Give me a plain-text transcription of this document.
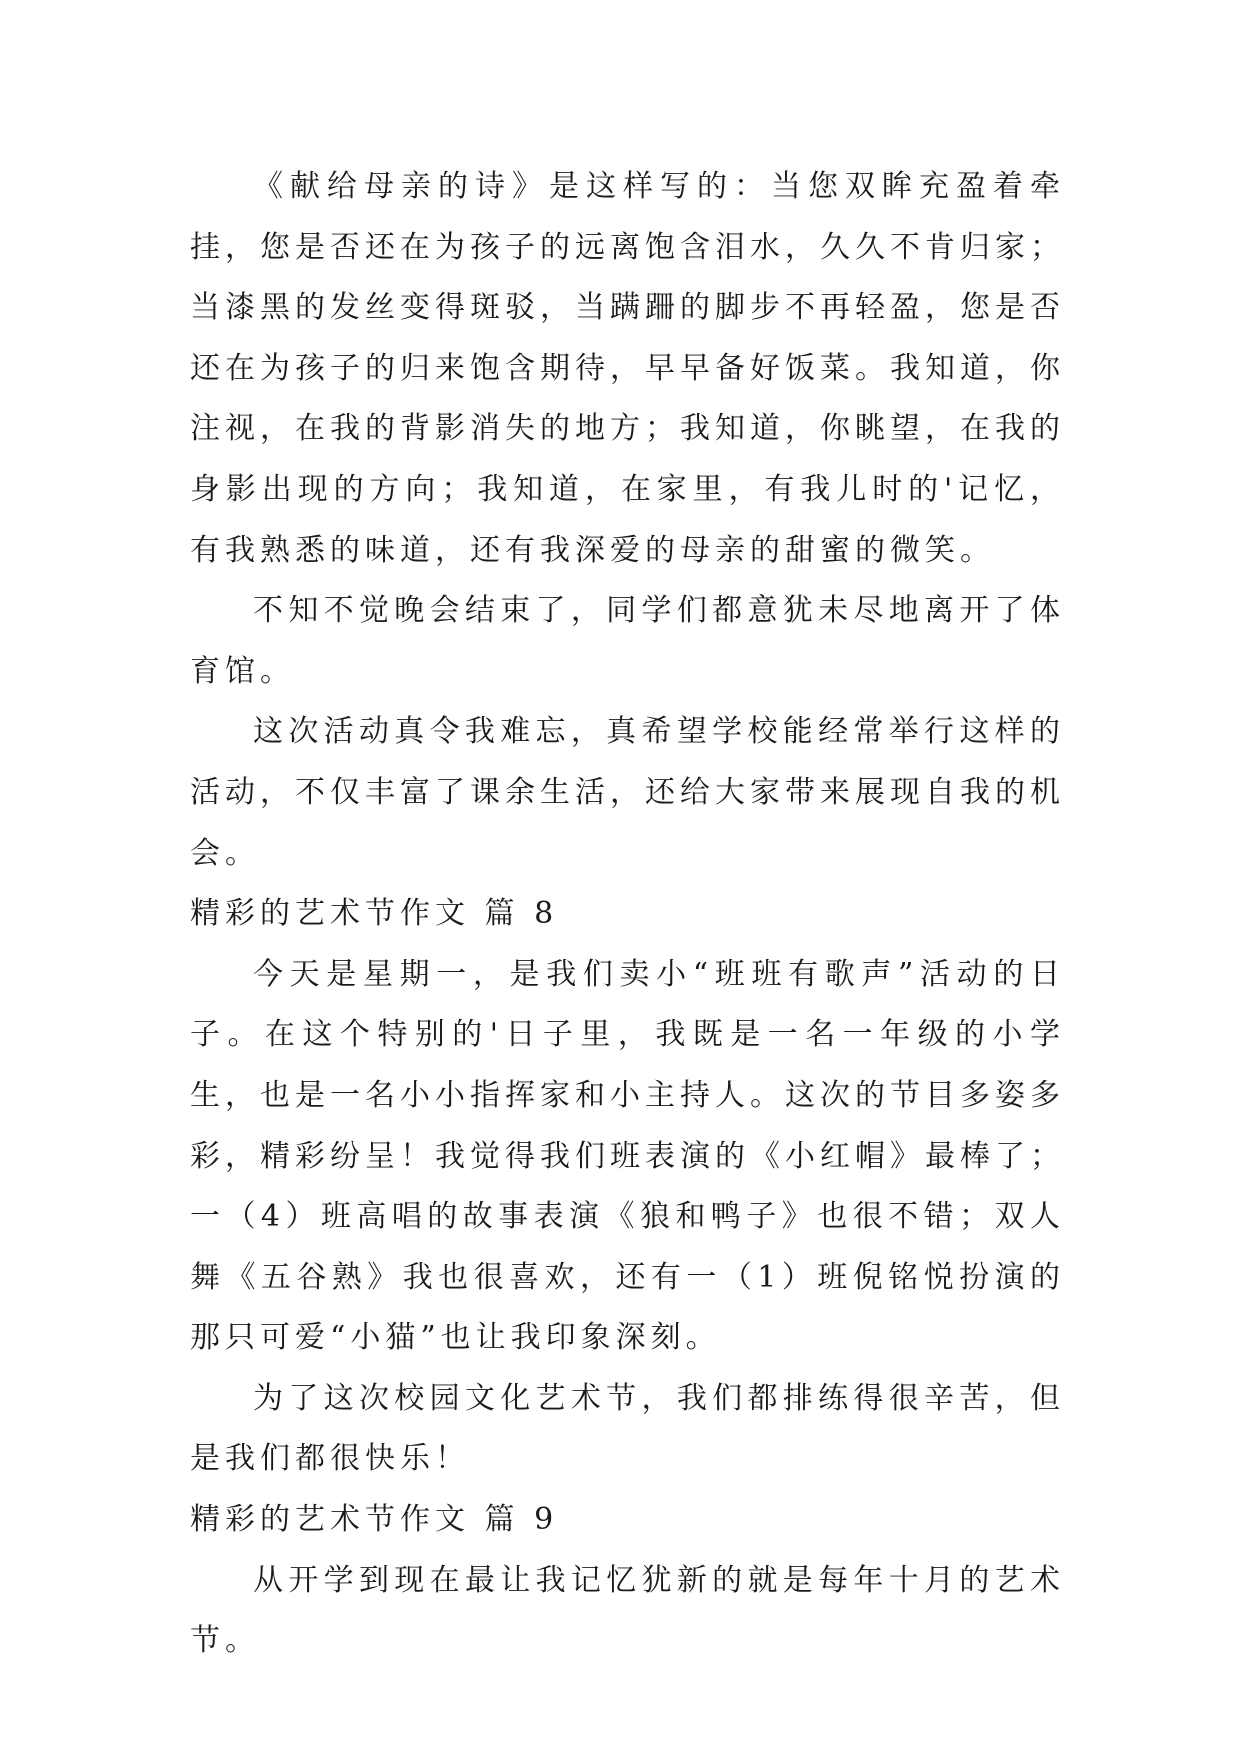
《献给母亲的诗》是这样写的：当您双眸充盈着牵挂，您是否还在为孩子的远离饱含泪水，久久不肯归家；当漆黑的发丝变得斑驳，当蹒跚的脚步不再轻盈，您是否还在为孩子的归来饱含期待，早早备好饭菜。我知道，你注视，在我的背影消失的地方；我知道，你眺望，在我的身影出现的方向；我知道，在家里，有我儿时的'记忆，有我熟悉的味道，还有我深爱的母亲的甜蜜的微笑。

不知不觉晚会结束了，同学们都意犹未尽地离开了体育馆。

这次活动真令我难忘，真希望学校能经常举行这样的活动，不仅丰富了课余生活，还给大家带来展现自我的机会。

精彩的艺术节作文 篇 8

今天是星期一，是我们卖小“班班有歌声”活动的日子。在这个特别的'日子里，我既是一名一年级的小学生，也是一名小小指挥家和小主持人。这次的节目多姿多彩，精彩纷呈！我觉得我们班表演的《小红帽》最棒了；一（4）班高唱的故事表演《狼和鸭子》也很不错；双人舞《五谷熟》我也很喜欢，还有一（1）班倪铭悦扮演的那只可爱“小猫”也让我印象深刻。

为了这次校园文化艺术节，我们都排练得很辛苦，但是我们都很快乐！

精彩的艺术节作文 篇 9

从开学到现在最让我记忆犹新的就是每年十月的艺术节。
